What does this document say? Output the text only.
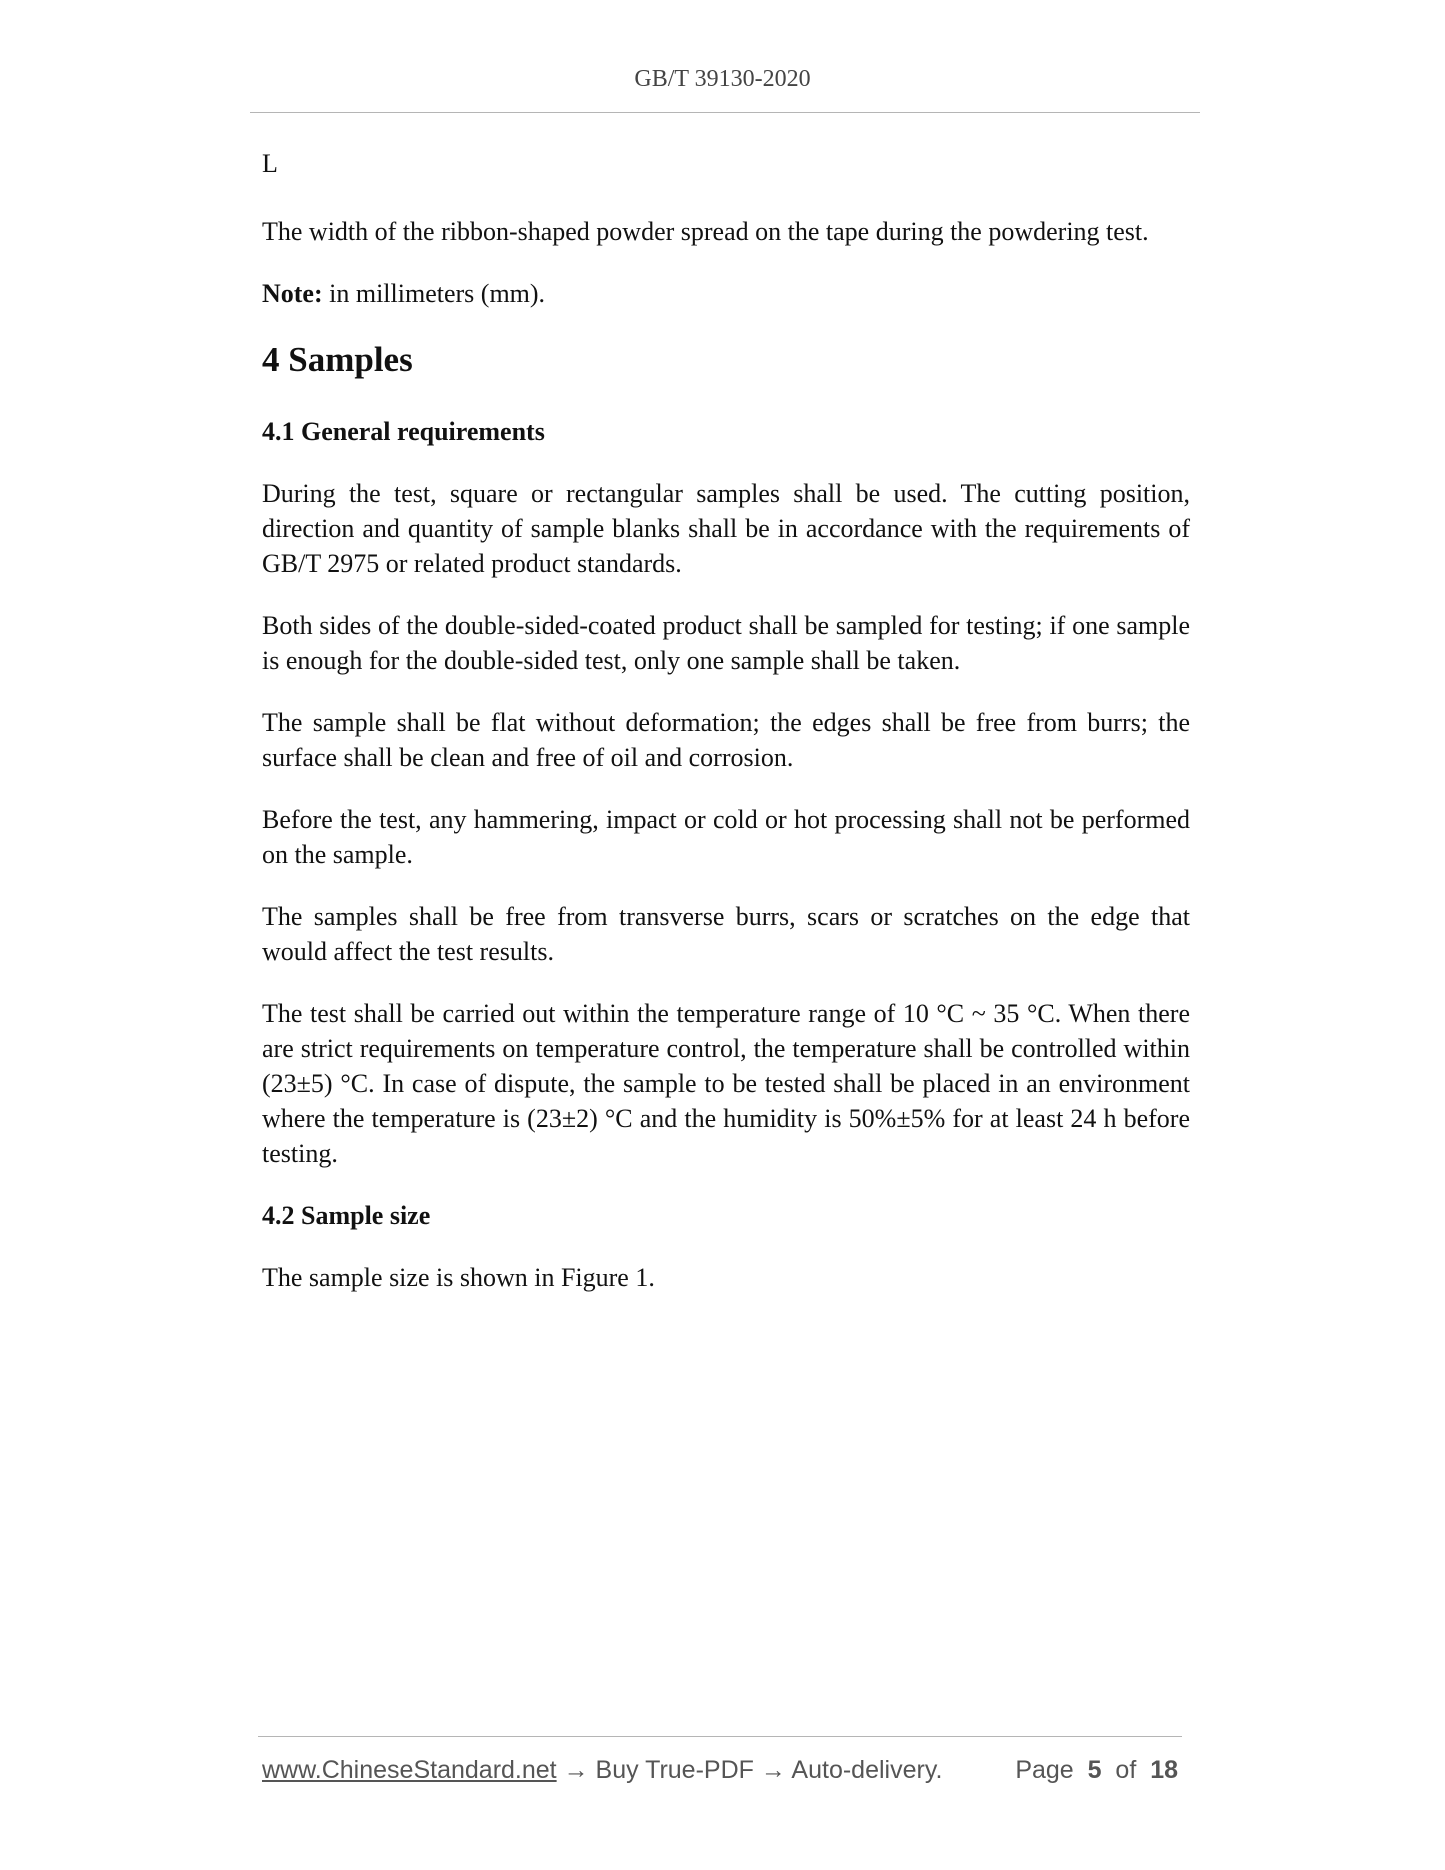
GB/T 39130-2020

L

The width of the ribbon-shaped powder spread on the tape during the powdering test.

Note: in millimeters (mm).

4 Samples
4.1 General requirements

During the test, square or rectangular samples shall be used. The cutting position, direction and quantity of sample blanks shall be in accordance with the requirements of GB/T 2975 or related product standards.

Both sides of the double-sided-coated product shall be sampled for testing; if one sample is enough for the double-sided test, only one sample shall be taken.

The sample shall be flat without deformation; the edges shall be free from burrs; the surface shall be clean and free of oil and corrosion.

Before the test, any hammering, impact or cold or hot processing shall not be performed on the sample.

The samples shall be free from transverse burrs, scars or scratches on the edge that would affect the test results.

The test shall be carried out within the temperature range of 10 °C ~ 35 °C. When there are strict requirements on temperature control, the temperature shall be controlled within (23±5) °C. In case of dispute, the sample to be tested shall be placed in an environment where the temperature is (23±2) °C and the humidity is 50%±5% for at least 24 h before testing.

4.2 Sample size

The sample size is shown in Figure 1.

www.ChineseStandard.net → Buy True-PDF → Auto-delivery.	Page 5 of 18
